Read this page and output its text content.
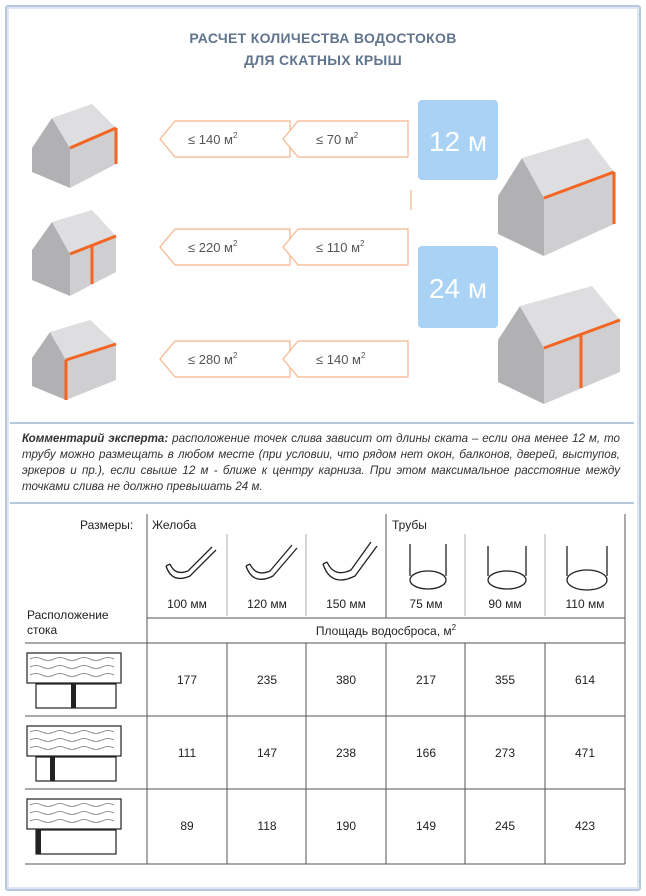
РАСЧЕТ КОЛИЧЕСТВА ВОДОСТОКОВ
ДЛЯ СКАТНЫХ КРЫШ
≤ 140 $м^2$	≤ 70 $м^2$
≤ 220 $м^2$	≤ 110 $м^2$
≤ 280 $м^2$	≤ 140 $м^2$
12 м
24 м
Комментарий эксперта: расположение точек слива зависит от длины ската – если она менее 12 м, то трубу можно размещать в любом месте (при условии, что рядом нет окон, балконов, дверей, выступов, эркеров и пр.), если свыше 12 м - ближе к центру карниза. При этом максимальное расстояние между точками слива не должно превышать 24 м.
Размеры: Желоба	Трубы
Расположение
стока
100 мм	120 мм	150 мм	75 мм	90 мм	110 мм
Площадь водосброса, $м^2$
177	235	380	217	355	614
111	147	238	166	273	471
89	118	190	149	245	423
